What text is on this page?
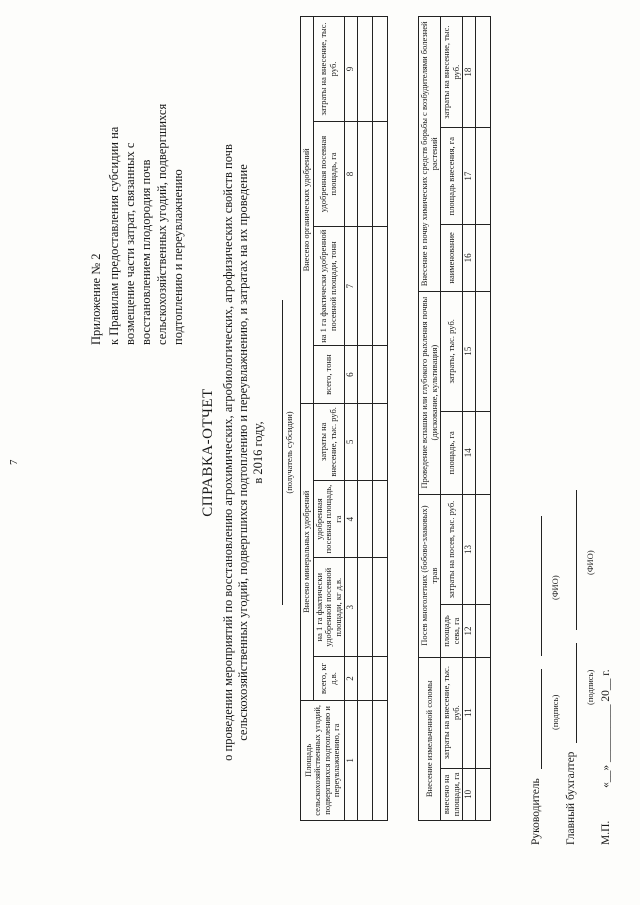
7
Приложение № 2 к Правилам предоставления субсидии на возмещение части затрат, связанных с восстановлением плодородия почв сельскохозяйственных угодий, подвергшихся подтоплению и переувлажнению
СПРАВКА-ОТЧЕТ о проведении мероприятий по восстановлению агрохимических, агробиологических, агрофизических свойств почв сельскохозяйственных угодий, подвергшихся подтоплению и переувлажнению, и затратах на их проведение в 2016 году, (получатель субсидии)
Площадь сельскохозяйственных угодий, подвергшихся подтоплению и переувлажнению, га	Внесено минеральных удобрений				Внесено органических удобрений			
	всего, кг д.в.	на 1 га фактически удобренной посевной площади, кг д.в.	удобренная посевная площадь, га	затраты на внесение, тыс. руб.	всего, тонн	на 1 га фактически удобренной посевной площади, тонн	удобренная посевная площадь, га	затраты на внесение, тыс. руб.
1	2	3	4	5	6	7	8	9

Внесение измельченной соломы		Посев многолетних (бобово-злаковых) трав		Проведение вспашки или глубокого рыхления почвы (дискование, культивация)		Внесение в почву химических средств борьбы с возбудителями болезней растений		
внесено на площади, га	затраты на внесение, тыс. руб.	площадь сева, га	затраты на посев, тыс. руб.	площадь, га	затраты, тыс. руб.	наименование	площадь внесения, га	затраты на внесение, тыс. руб.
10	11	12	13	14	15	16	17	18

Руководитель
(подпись)
(ФИО)
Главный бухгалтер
(подпись)
(ФИО)
М.П. «__» __________ 20__ г.
